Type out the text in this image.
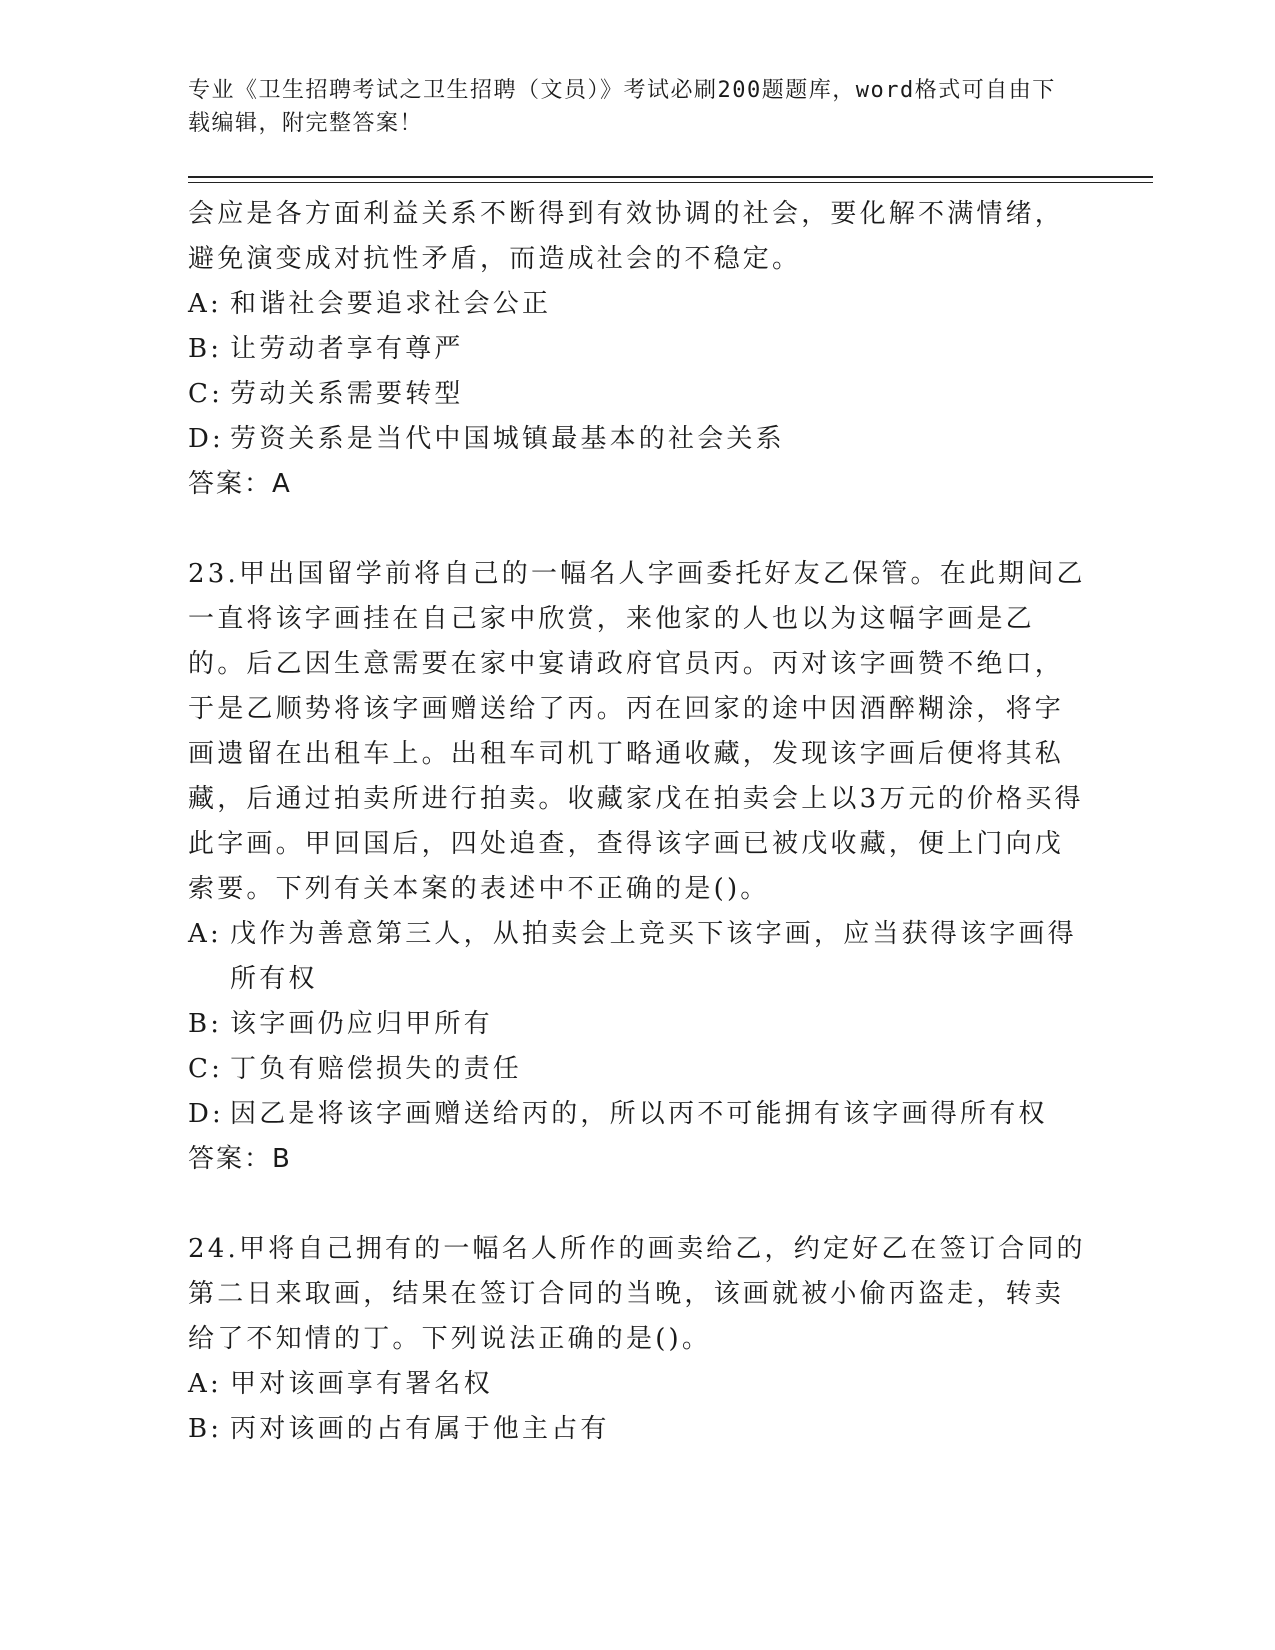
专业《卫生招聘考试之卫生招聘（文员）》考试必刷200题题库，word格式可自由下载编辑，附完整答案！

会应是各方面利益关系不断得到有效协调的社会，要化解不满情绪，避免演变成对抗性矛盾，而造成社会的不稳定。

A: 和谐社会要追求社会公正
B: 让劳动者享有尊严
C: 劳动关系需要转型
D: 劳资关系是当代中国城镇最基本的社会关系

答案：A

23.甲出国留学前将自己的一幅名人字画委托好友乙保管。在此期间乙一直将该字画挂在自己家中欣赏，来他家的人也以为这幅字画是乙的。后乙因生意需要在家中宴请政府官员丙。丙对该字画赞不绝口，于是乙顺势将该字画赠送给了丙。丙在回家的途中因酒醉糊涂，将字画遗留在出租车上。出租车司机丁略通收藏，发现该字画后便将其私藏，后通过拍卖所进行拍卖。收藏家戊在拍卖会上以3万元的价格买得此字画。甲回国后，四处追查，查得该字画已被戊收藏，便上门向戊索要。下列有关本案的表述中不正确的是()。

A: 戊作为善意第三人，从拍卖会上竞买下该字画，应当获得该字画得所有权
B: 该字画仍应归甲所有
C: 丁负有赔偿损失的责任
D: 因乙是将该字画赠送给丙的，所以丙不可能拥有该字画得所有权

答案：B

24.甲将自己拥有的一幅名人所作的画卖给乙，约定好乙在签订合同的第二日来取画，结果在签订合同的当晚，该画就被小偷丙盗走，转卖给了不知情的丁。下列说法正确的是()。

A: 甲对该画享有署名权
B: 丙对该画的占有属于他主占有
